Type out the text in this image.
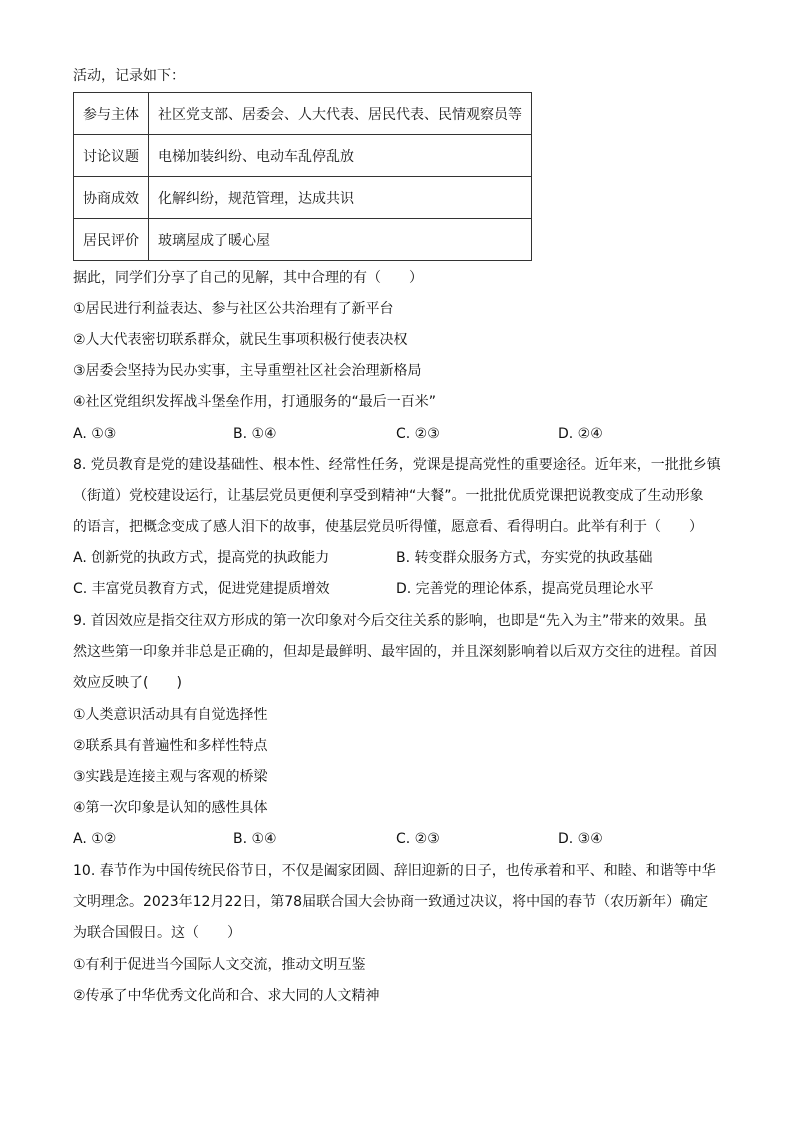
活动，记录如下：
参与主体	社区党支部、居委会、人大代表、居民代表、民情观察员等
讨论议题	电梯加装纠纷、电动车乱停乱放
协商成效	化解纠纷，规范管理，达成共识
居民评价	玻璃屋成了暖心屋
据此，同学们分享了自己的见解，其中合理的有（　　）
①居民进行利益表达、参与社区公共治理有了新平台
②人大代表密切联系群众，就民生事项积极行使表决权
③居委会坚持为民办实事，主导重塑社区社会治理新格局
④社区党组织发挥战斗堡垒作用，打通服务的“最后一百米”
A. ①③	B. ①④	C. ②③	D. ②④
8. 党员教育是党的建设基础性、根本性、经常性任务，党课是提高党性的重要途径。近年来，一批批乡镇
（街道）党校建设运行，让基层党员更便利享受到精神“大餐”。一批批优质党课把说教变成了生动形象
的语言，把概念变成了感人泪下的故事，使基层党员听得懂，愿意看、看得明白。此举有利于（　　）
A. 创新党的执政方式，提高党的执政能力	B. 转变群众服务方式，夯实党的执政基础
C. 丰富党员教育方式，促进党建提质增效	D. 完善党的理论体系，提高党员理论水平
9. 首因效应是指交往双方形成的第一次印象对今后交往关系的影响，也即是“先入为主”带来的效果。虽
然这些第一印象并非总是正确的，但却是最鲜明、最牢固的，并且深刻影响着以后双方交往的进程。首因
效应反映了(　　)
①人类意识活动具有自觉选择性
②联系具有普遍性和多样性特点
③实践是连接主观与客观的桥梁
④第一次印象是认知的感性具体
A. ①②	B. ①④	C. ②③	D. ③④
10. 春节作为中国传统民俗节日，不仅是阖家团圆、辞旧迎新的日子，也传承着和平、和睦、和谐等中华
文明理念。2023年12月22日，第78届联合国大会协商一致通过决议，将中国的春节（农历新年）确定
为联合国假日。这（　　）
①有利于促进当今国际人文交流，推动文明互鉴
②传承了中华优秀文化尚和合、求大同的人文精神
